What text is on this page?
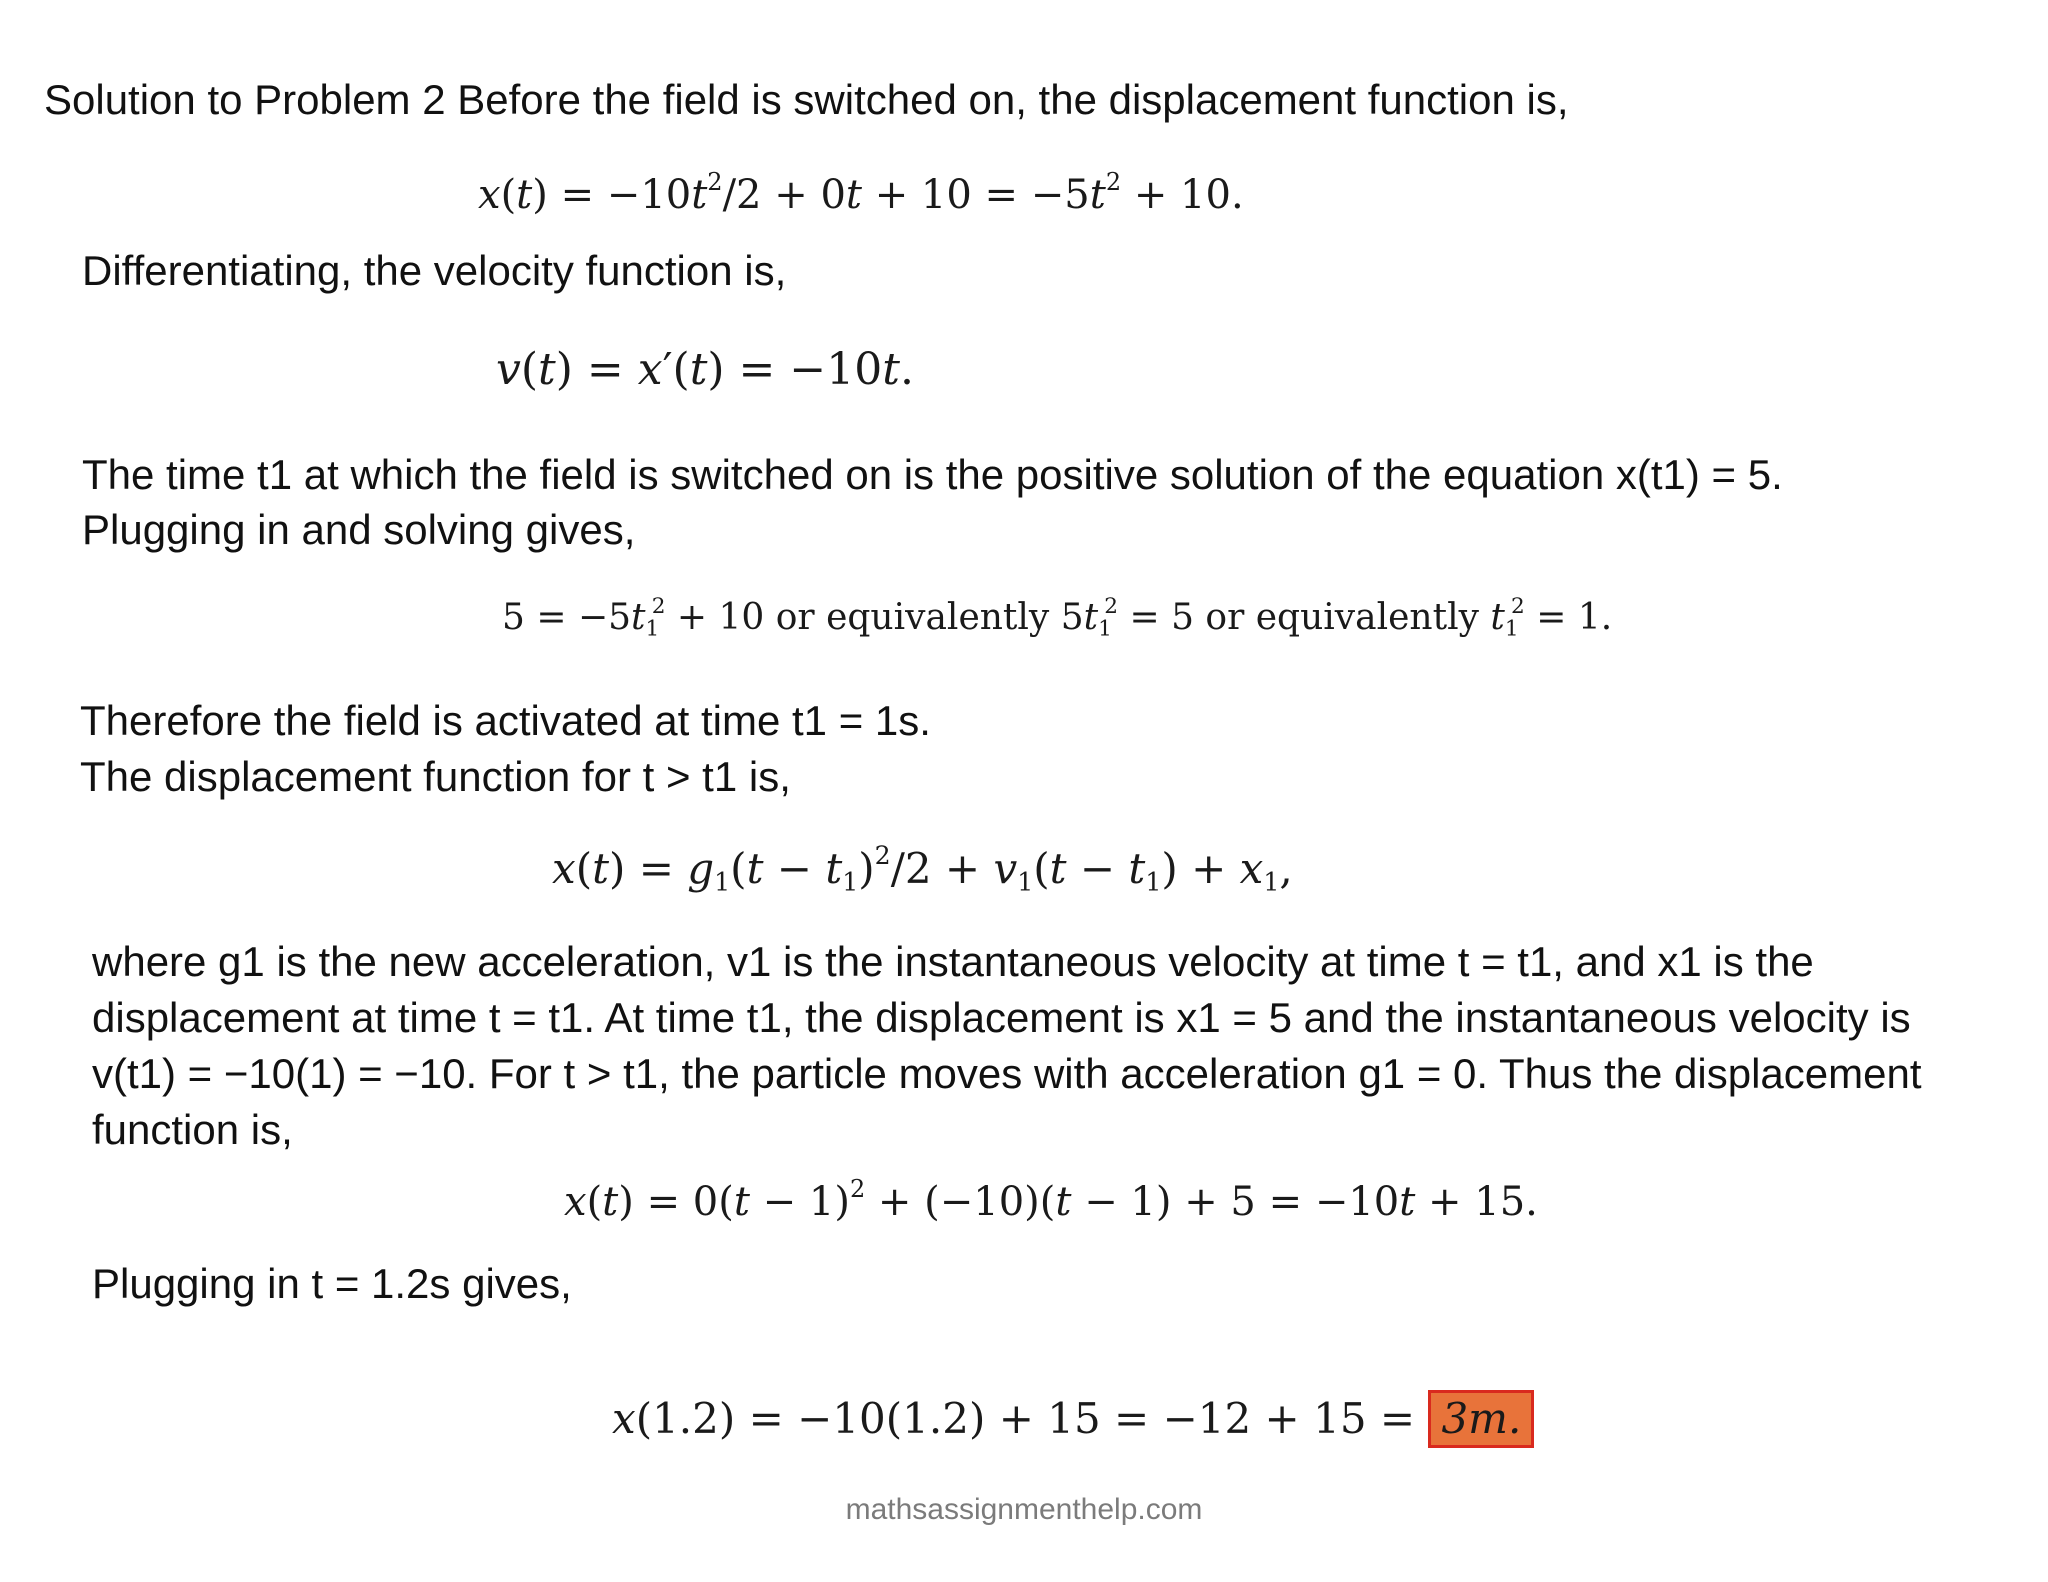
Solution to Problem 2 Before the field is switched on, the displacement function is,

$x(t) = -10t^2/2 + 0t + 10 = -5t^2 + 10$.

Differentiating, the velocity function is,

v(t) = x′(t) = −10t.

The time t1 at which the field is switched on is the positive solution of the equation x(t1) = 5.

Plugging in and solving gives,

$5 = -5t_1^2 + 10$ or equivalently $5t_1^2 = 5$ or equivalently $t_1^2 = 1$.

Therefore the field is activated at time t1 = 1s.

The displacement function for t > t1 is,

$x(t) = g_1(t - t_1)^2/2 + v_1(t - t_1) + x_1$,

where g1 is the new acceleration, v1 is the instantaneous velocity at time t = t1, and x1 is the

displacement at time t = t1. At time t1, the displacement is x1 = 5 and the instantaneous velocity is

v(t1) = −10(1) = −10. For t > t1, the particle moves with acceleration g1 = 0. Thus the displacement

function is,

$x(t) = 0(t - 1)^2 + (-10)(t - 1) + 5 = -10t + 15$.

Plugging in t = 1.2s gives,

x(1.2) = −10(1.2) + 15 = −12 + 15 = 3m.
mathsassignmenthelp.com
